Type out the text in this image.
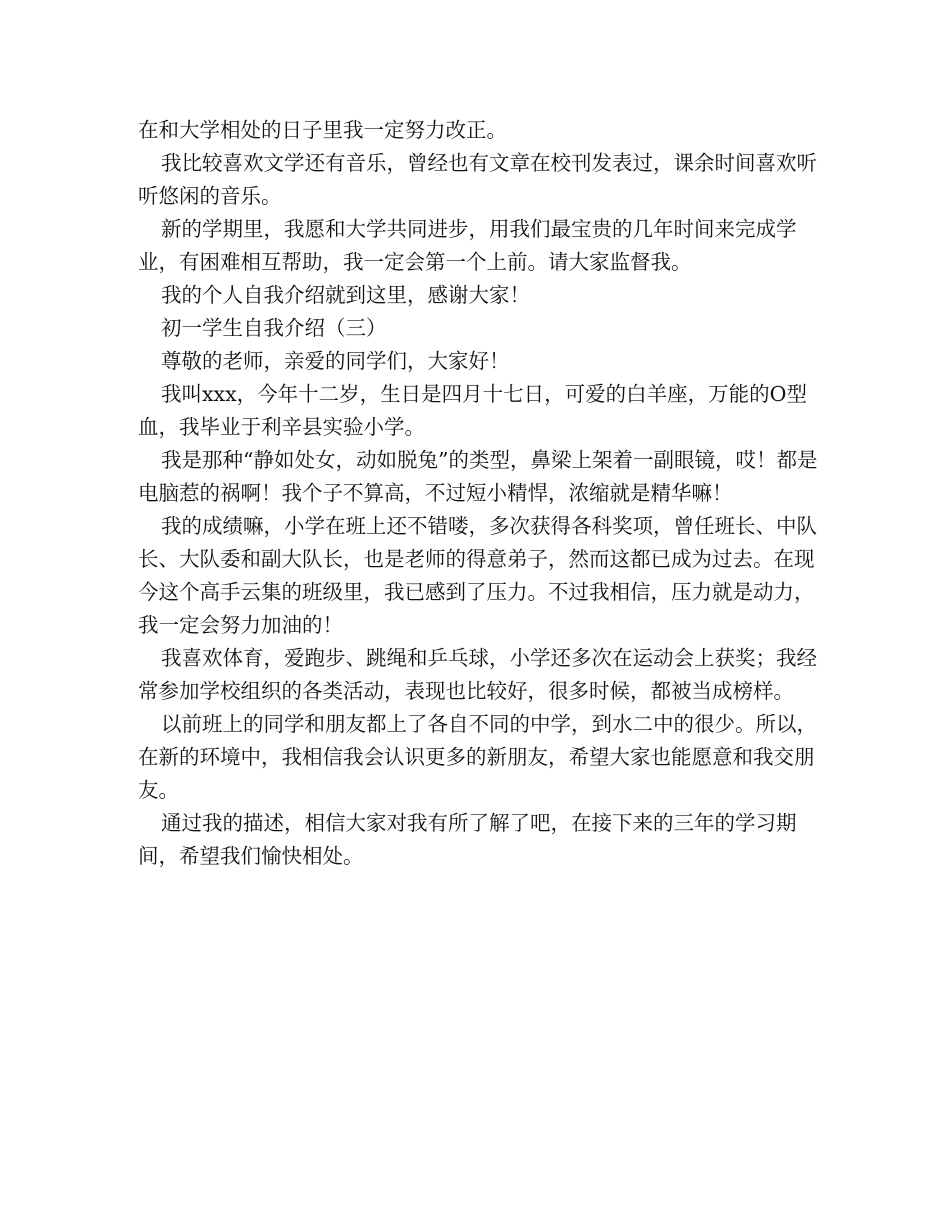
在和大学相处的日子里我一定努力改正。

我比较喜欢文学还有音乐，曾经也有文章在校刊发表过，课余时间喜欢听听悠闲的音乐。

新的学期里，我愿和大学共同进步，用我们最宝贵的几年时间来完成学业，有困难相互帮助，我一定会第一个上前。请大家监督我。

我的个人自我介绍就到这里，感谢大家！

初一学生自我介绍（三）

尊敬的老师，亲爱的同学们，大家好！

我叫xxx，今年十二岁，生日是四月十七日，可爱的白羊座，万能的O型血，我毕业于利辛县实验小学。

我是那种“静如处女，动如脱兔”的类型，鼻梁上架着一副眼镜，哎！都是电脑惹的祸啊！我个子不算高，不过短小精悍，浓缩就是精华嘛！

我的成绩嘛，小学在班上还不错喽，多次获得各科奖项，曾任班长、中队长、大队委和副大队长，也是老师的得意弟子，然而这都已成为过去。在现今这个高手云集的班级里，我已感到了压力。不过我相信，压力就是动力，我一定会努力加油的！

我喜欢体育，爱跑步、跳绳和乒乓球，小学还多次在运动会上获奖；我经常参加学校组织的各类活动，表现也比较好，很多时候，都被当成榜样。

以前班上的同学和朋友都上了各自不同的中学，到水二中的很少。所以，在新的环境中，我相信我会认识更多的新朋友，希望大家也能愿意和我交朋友。

通过我的描述，相信大家对我有所了解了吧，在接下来的三年的学习期间，希望我们愉快相处。
